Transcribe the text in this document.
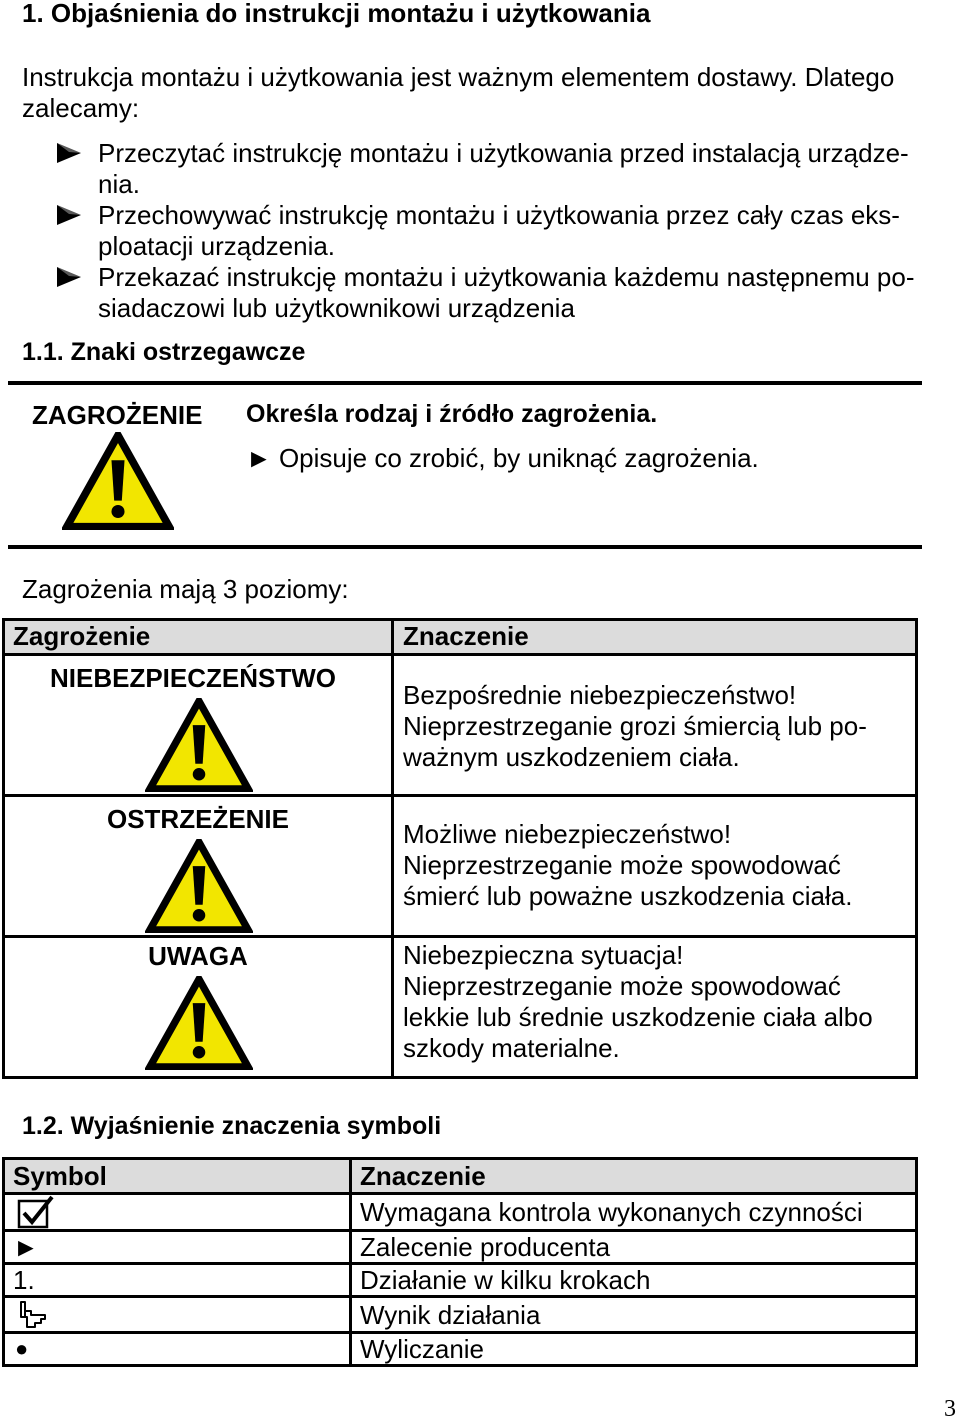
1. Objaśnienia do instrukcji montażu i użytkowania
Instrukcja montażu i użytkowania jest ważnym elementem dostawy. Dlatego
zalecamy:
Przeczytać instrukcję montażu i użytkowania przed instalacją urządze-
nia.
Przechowywać instrukcję montażu i użytkowania przez cały czas eks-
ploatacji urządzenia.
Przekazać instrukcję montażu i użytkowania każdemu następnemu po-
siadaczowi lub użytkownikowi urządzenia
1.1. Znaki ostrzegawcze
ZAGROŻENIE Określa rodzaj i źródło zagrożenia.
► Opisuje co zrobić, by uniknąć zagrożenia.
Zagrożenia mają 3 poziomy:
Zagrożenie	Znaczenie

NIEBEZPIECZEŃSTWO	Bezpośrednie niebezpieczeństwo!
Nieprzestrzeganie grozi śmiercią lub po-
ważnym uszkodzeniem ciała.

OSTRZEŻENIE	Możliwe niebezpieczeństwo!
Nieprzestrzeganie może spowodować
śmierć lub poważne uszkodzenia ciała.

UWAGA	Niebezpieczna sytuacja!
Nieprzestrzeganie może spowodować
lekkie lub średnie uszkodzenie ciała albo
szkody materialne.
1.2. Wyjaśnienie znaczenia symboli
Symbol	Znaczenie
	Wymagana kontrola wykonanych czynności
►	Zalecenie producenta
1.	Działanie w kilku krokach
	Wynik działania
●	Wyliczanie
3
